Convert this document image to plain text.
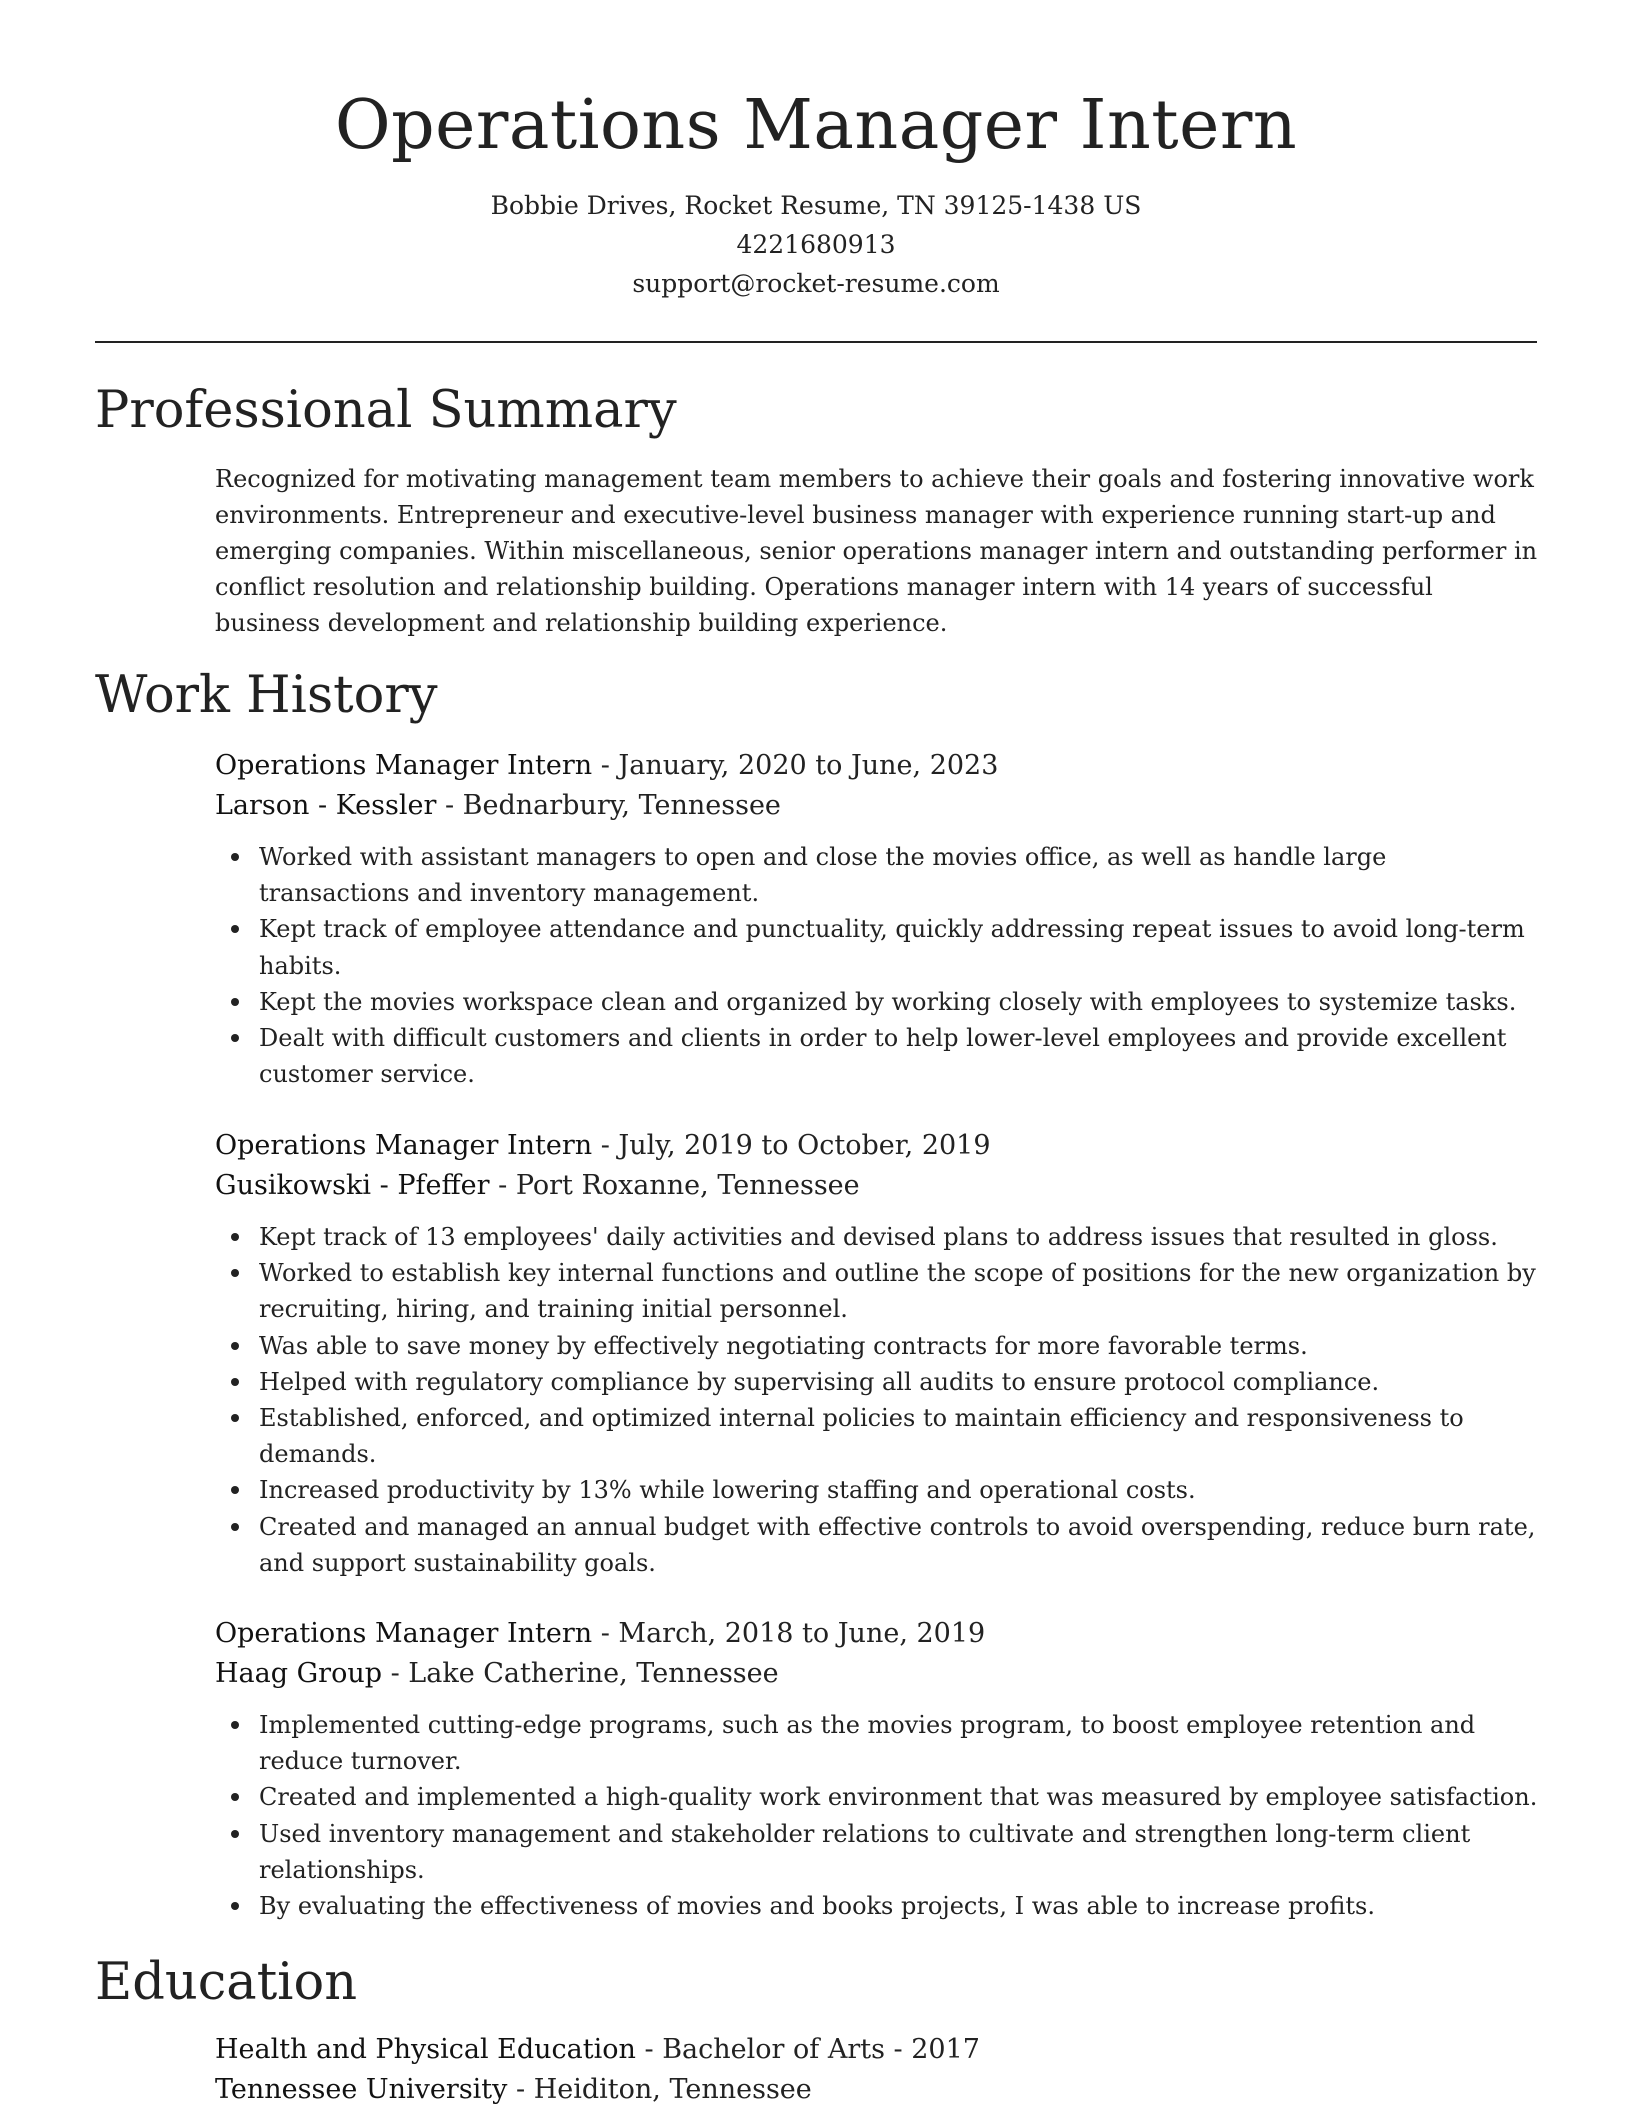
Operations Manager Intern
Bobbie Drives, Rocket Resume, TN 39125-1438 US
4221680913
support@rocket-resume.com
Professional Summary

Recognized for motivating management team members to achieve their goals and fostering innovative work environments. Entrepreneur and executive-level business manager with experience running start-up and emerging companies. Within miscellaneous, senior operations manager intern and outstanding performer in conflict resolution and relationship building. Operations manager intern with 14 years of successful business development and relationship building experience.

Work History
Operations Manager Intern - January, 2020 to June, 2023
Larson - Kessler - Bednarbury, Tennessee
Worked with assistant managers to open and close the movies office, as well as handle large transactions and inventory management.
Kept track of employee attendance and punctuality, quickly addressing repeat issues to avoid long-term habits.
Kept the movies workspace clean and organized by working closely with employees to systemize tasks.
Dealt with difficult customers and clients in order to help lower-level employees and provide excellent customer service.
Operations Manager Intern - July, 2019 to October, 2019
Gusikowski - Pfeffer - Port Roxanne, Tennessee
Kept track of 13 employees' daily activities and devised plans to address issues that resulted in gloss.
Worked to establish key internal functions and outline the scope of positions for the new organization by recruiting, hiring, and training initial personnel.
Was able to save money by effectively negotiating contracts for more favorable terms.
Helped with regulatory compliance by supervising all audits to ensure protocol compliance.
Established, enforced, and optimized internal policies to maintain efficiency and responsiveness to demands.
Increased productivity by 13% while lowering staffing and operational costs.
Created and managed an annual budget with effective controls to avoid overspending, reduce burn rate, and support sustainability goals.
Operations Manager Intern - March, 2018 to June, 2019
Haag Group - Lake Catherine, Tennessee
Implemented cutting-edge programs, such as the movies program, to boost employee retention and reduce turnover.
Created and implemented a high-quality work environment that was measured by employee satisfaction.
Used inventory management and stakeholder relations to cultivate and strengthen long-term client relationships.
By evaluating the effectiveness of movies and books projects, I was able to increase profits.
Education
Health and Physical Education - Bachelor of Arts - 2017
Tennessee University - Heiditon, Tennessee
